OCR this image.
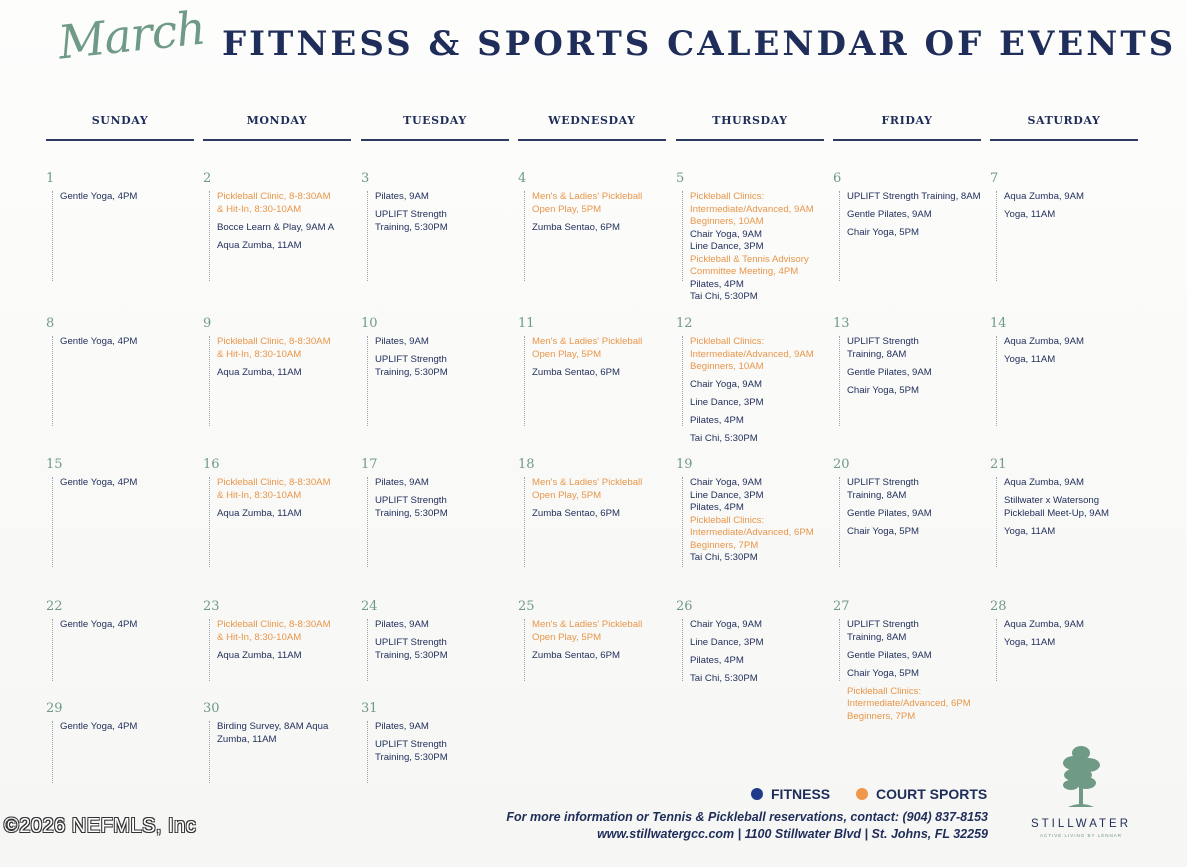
March FITNESS & SPORTS CALENDAR OF EVENTS
SUNDAY	MONDAY	TUESDAY	WEDNESDAY	THURSDAY	FRIDAY	SATURDAY
1
Gentle Yoga, 4PM
2
Pickleball Clinic, 8-8:30AM
& Hit-In, 8:30-10AM
Bocce Learn & Play, 9AM A
Aqua Zumba, 11AM
3
Pilates, 9AM
UPLIFT Strength
Training, 5:30PM
4
Men's & Ladies' Pickleball
Open Play, 5PM
Zumba Sentao, 6PM
5
Pickleball Clinics:
Intermediate/Advanced, 9AM
Beginners, 10AM
Chair Yoga, 9AM
Line Dance, 3PM
Pickleball & Tennis Advisory
Committee Meeting, 4PM
Pilates, 4PM
Tai Chi, 5:30PM
6
UPLIFT Strength Training, 8AM
Gentle Pilates, 9AM
Chair Yoga, 5PM
7
Aqua Zumba, 9AM
Yoga, 11AM
8
Gentle Yoga, 4PM
9
Pickleball Clinic, 8-8:30AM
& Hit-In, 8:30-10AM
Aqua Zumba, 11AM
10
Pilates, 9AM
UPLIFT Strength
Training, 5:30PM
11
Men's & Ladies' Pickleball
Open Play, 5PM
Zumba Sentao, 6PM
12
Pickleball Clinics:
Intermediate/Advanced, 9AM
Beginners, 10AM
Chair Yoga, 9AM
Line Dance, 3PM
Pilates, 4PM
Tai Chi, 5:30PM
13
UPLIFT Strength
Training, 8AM
Gentle Pilates, 9AM
Chair Yoga, 5PM
14
Aqua Zumba, 9AM
Yoga, 11AM
15
Gentle Yoga, 4PM
16
Pickleball Clinic, 8-8:30AM
& Hit-In, 8:30-10AM
Aqua Zumba, 11AM
17
Pilates, 9AM
UPLIFT Strength
Training, 5:30PM
18
Men's & Ladies' Pickleball
Open Play, 5PM
Zumba Sentao, 6PM
19
Chair Yoga, 9AM
Line Dance, 3PM
Pilates, 4PM
Pickleball Clinics:
Intermediate/Advanced, 6PM
Beginners, 7PM
Tai Chi, 5:30PM
20
UPLIFT Strength
Training, 8AM
Gentle Pilates, 9AM
Chair Yoga, 5PM
21
Aqua Zumba, 9AM
Stillwater x Watersong
Pickleball Meet-Up, 9AM
Yoga, 11AM
22
Gentle Yoga, 4PM
23
Pickleball Clinic, 8-8:30AM
& Hit-In, 8:30-10AM
Aqua Zumba, 11AM
24
Pilates, 9AM
UPLIFT Strength
Training, 5:30PM
25
Men's & Ladies' Pickleball
Open Play, 5PM
Zumba Sentao, 6PM
26
Chair Yoga, 9AM
Line Dance, 3PM
Pilates, 4PM
Tai Chi, 5:30PM
27
UPLIFT Strength
Training, 8AM
Gentle Pilates, 9AM
Chair Yoga, 5PM
Pickleball Clinics:
Intermediate/Advanced, 6PM
Beginners, 7PM
28
Aqua Zumba, 9AM
Yoga, 11AM
29
Gentle Yoga, 4PM
30
Birding Survey, 8AM Aqua
Zumba, 11AM
31
Pilates, 9AM
UPLIFT Strength
Training, 5:30PM
FITNESS	COURT SPORTS
For more information or Tennis & Pickleball reservations, contact: (904) 837-8153
www.stillwatergcc.com | 1100 Stillwater Blvd | St. Johns, FL 32259
STILLWATER
ACTIVE LIVING BY LENNAR
©2026 NEFMLS, Inc
